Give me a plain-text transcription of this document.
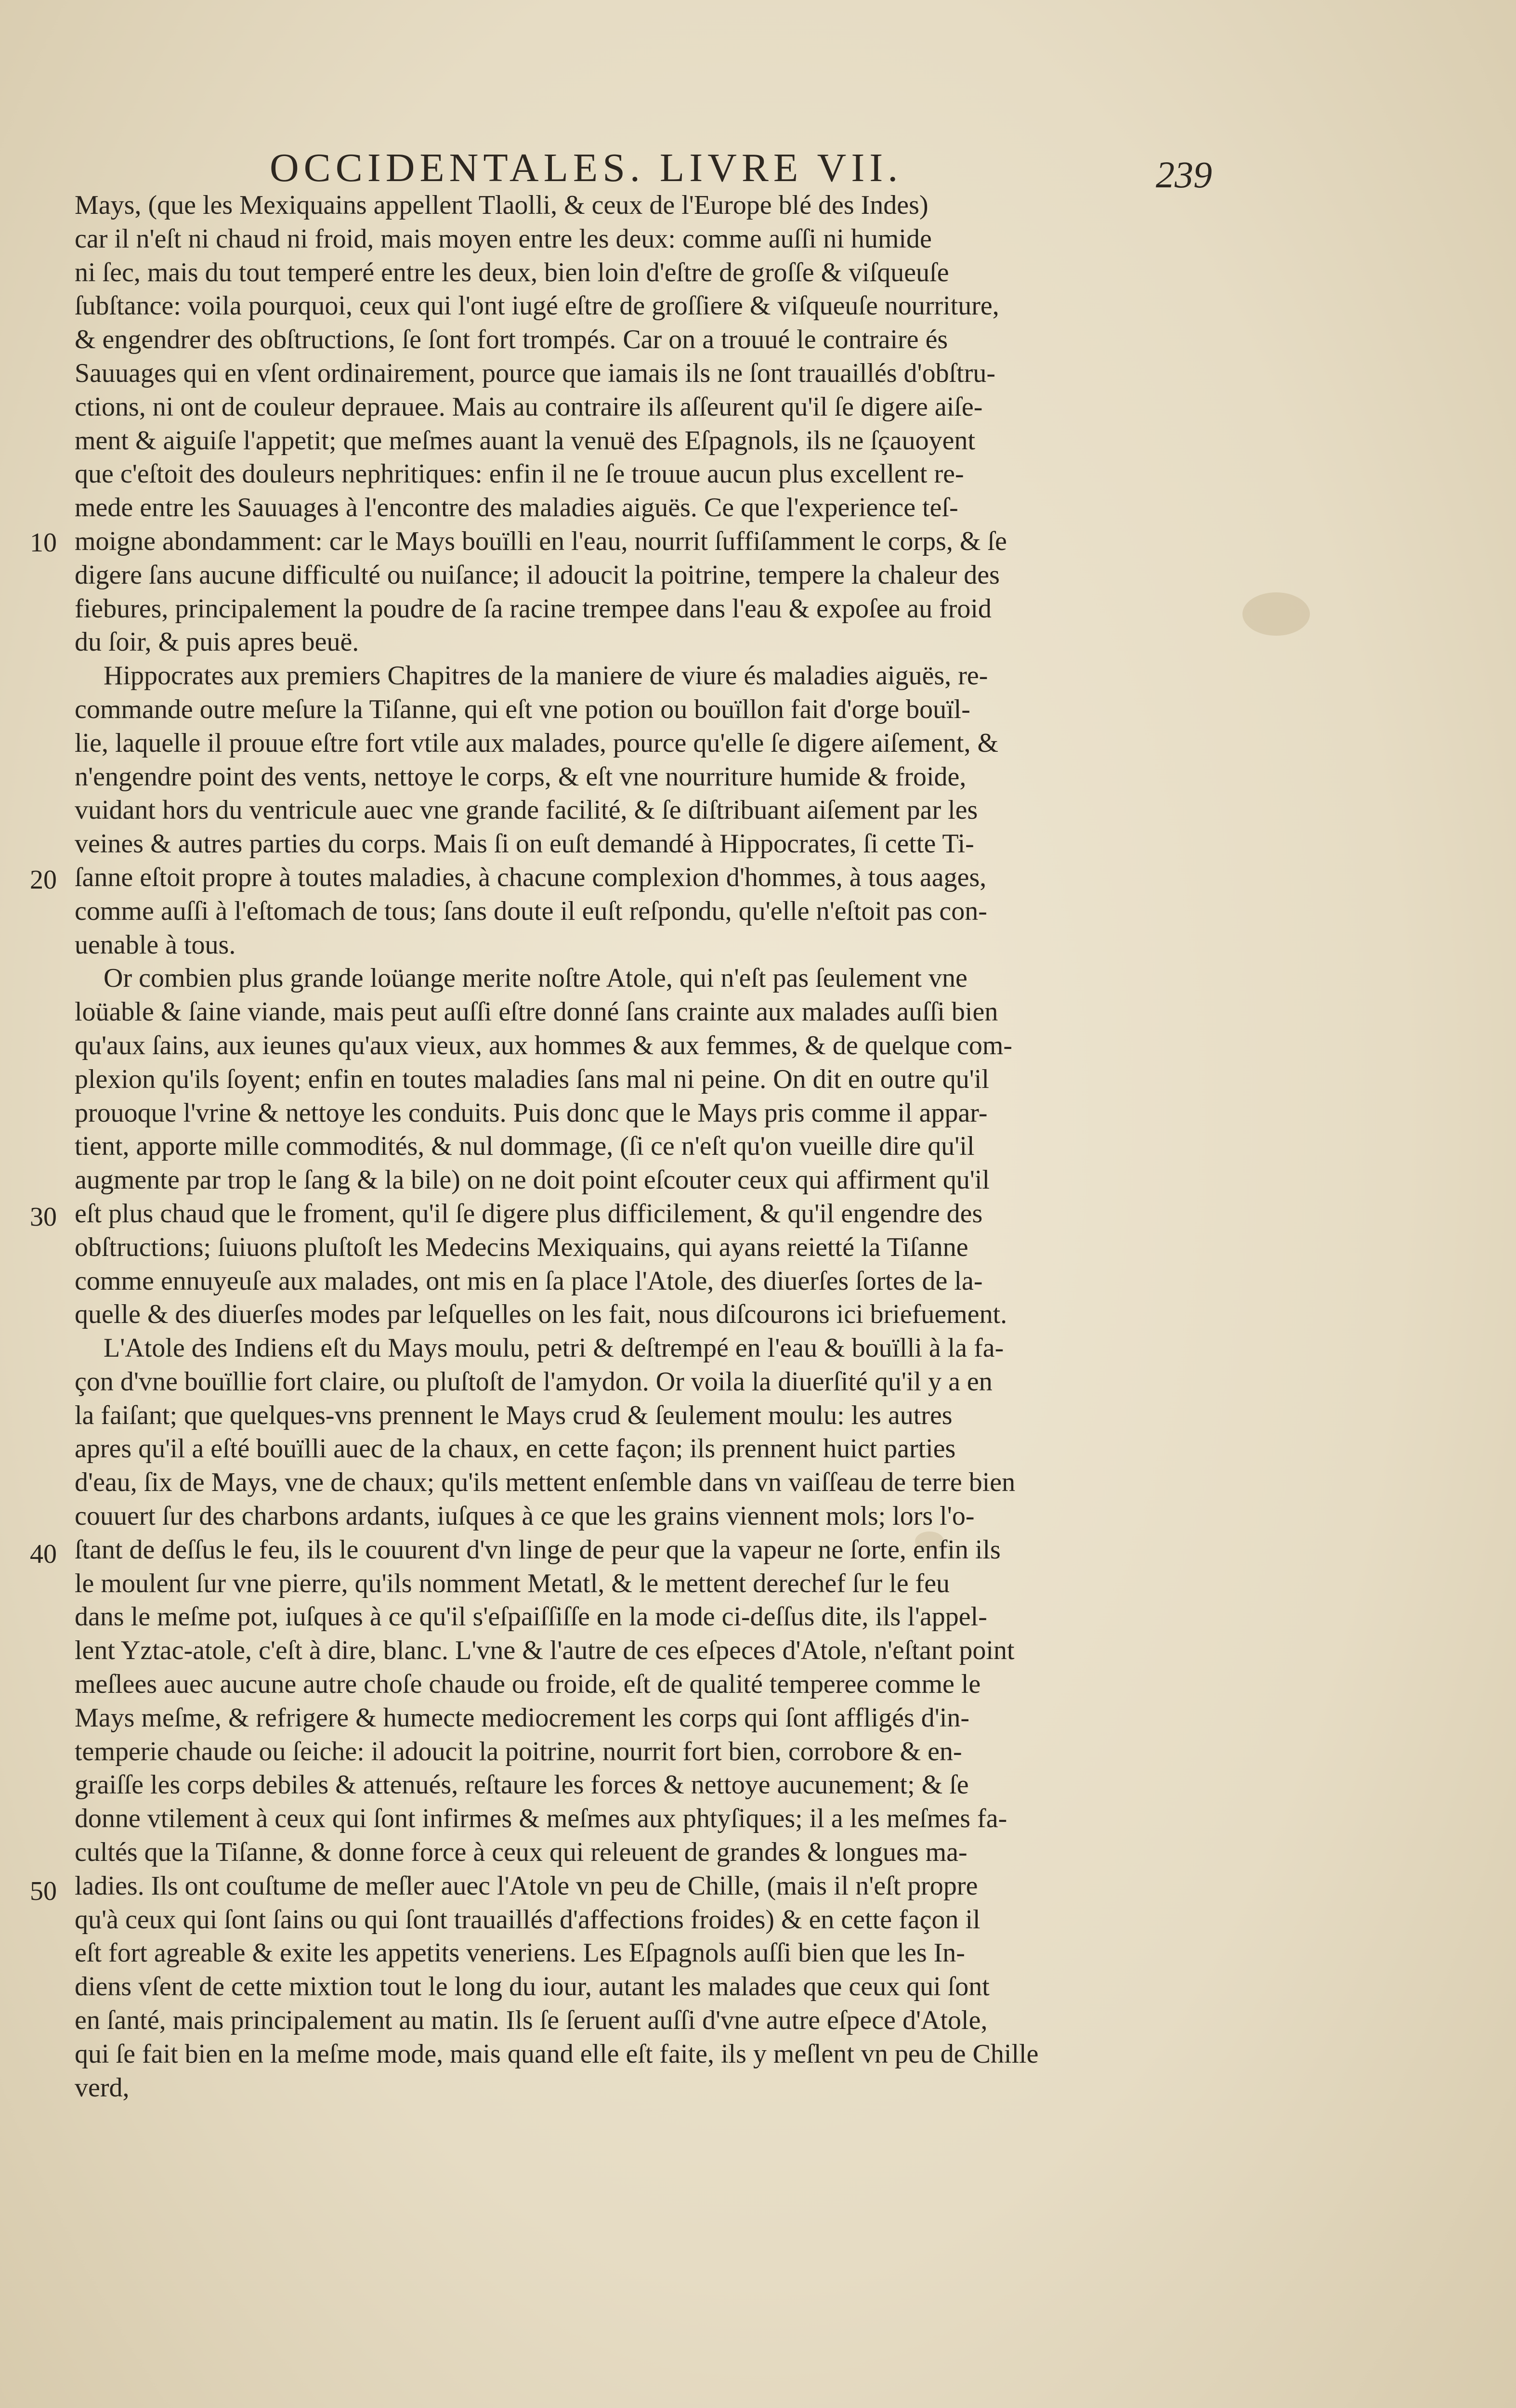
OCCIDENTALES. LIVRE VII.	239
10
20
30
40
50
Mays, (que les Mexiquains appellent Tlaolli, & ceux de l'Europe blé des Indes)
car il n'eſt ni chaud ni froid, mais moyen entre les deux: comme auſſi ni humide
ni ſec, mais du tout temperé entre les deux, bien loin d'eſtre de groſſe & viſqueuſe
ſubſtance: voila pourquoi, ceux qui l'ont iugé eſtre de groſſiere & viſqueuſe nourriture,
& engendrer des obſtructions, ſe ſont fort trompés. Car on a trouué le contraire és
Sauuages qui en vſent ordinairement, pource que iamais ils ne ſont trauaillés d'obſtru-
ctions, ni ont de couleur deprauee. Mais au contraire ils aſſeurent qu'il ſe digere aiſe-
ment & aiguiſe l'appetit; que meſmes auant la venuë des Eſpagnols, ils ne ſçauoyent
que c'eſtoit des douleurs nephritiques: enfin il ne ſe trouue aucun plus excellent re-
mede entre les Sauuages à l'encontre des maladies aiguës. Ce que l'experience teſ-
moigne abondamment: car le Mays bouïlli en l'eau, nourrit ſuffiſamment le corps, & ſe
digere ſans aucune difficulté ou nuiſance; il adoucit la poitrine, tempere la chaleur des
fiebures, principalement la poudre de ſa racine trempee dans l'eau & expoſee au froid
du ſoir, & puis apres beuë.
Hippocrates aux premiers Chapitres de la maniere de viure és maladies aiguës, re-
commande outre meſure la Tiſanne, qui eſt vne potion ou bouïllon fait d'orge bouïl-
lie, laquelle il prouue eſtre fort vtile aux malades, pource qu'elle ſe digere aiſement, &
n'engendre point des vents, nettoye le corps, & eſt vne nourriture humide & froide,
vuidant hors du ventricule auec vne grande facilité, & ſe diſtribuant aiſement par les
veines & autres parties du corps. Mais ſi on euſt demandé à Hippocrates, ſi cette Ti-
ſanne eſtoit propre à toutes maladies, à chacune complexion d'hommes, à tous aages,
comme auſſi à l'eſtomach de tous; ſans doute il euſt reſpondu, qu'elle n'eſtoit pas con-
uenable à tous.
Or combien plus grande loüange merite noſtre Atole, qui n'eſt pas ſeulement vne
loüable & ſaine viande, mais peut auſſi eſtre donné ſans crainte aux malades auſſi bien
qu'aux ſains, aux ieunes qu'aux vieux, aux hommes & aux femmes, & de quelque com-
plexion qu'ils ſoyent; enfin en toutes maladies ſans mal ni peine. On dit en outre qu'il
prouoque l'vrine & nettoye les conduits. Puis donc que le Mays pris comme il appar-
tient, apporte mille commodités, & nul dommage, (ſi ce n'eſt qu'on vueille dire qu'il
augmente par trop le ſang & la bile) on ne doit point eſcouter ceux qui affirment qu'il
eſt plus chaud que le froment, qu'il ſe digere plus difficilement, & qu'il engendre des
obſtructions; ſuiuons pluſtoſt les Medecins Mexiquains, qui ayans reietté la Tiſanne
comme ennuyeuſe aux malades, ont mis en ſa place l'Atole, des diuerſes ſortes de la-
quelle & des diuerſes modes par leſquelles on les fait, nous diſcourons ici briefuement.
L'Atole des Indiens eſt du Mays moulu, petri & deſtrempé en l'eau & bouïlli à la fa-
çon d'vne bouïllie fort claire, ou pluſtoſt de l'amydon. Or voila la diuerſité qu'il y a en
la faiſant; que quelques-vns prennent le Mays crud & ſeulement moulu: les autres
apres qu'il a eſté bouïlli auec de la chaux, en cette façon; ils prennent huict parties
d'eau, ſix de Mays, vne de chaux; qu'ils mettent enſemble dans vn vaiſſeau de terre bien
couuert ſur des charbons ardants, iuſques à ce que les grains viennent mols; lors l'o-
ſtant de deſſus le feu, ils le couurent d'vn linge de peur que la vapeur ne ſorte, enfin ils
le moulent ſur vne pierre, qu'ils nomment Metatl, & le mettent derechef ſur le feu
dans le meſme pot, iuſques à ce qu'il s'eſpaiſſiſſe en la mode ci-deſſus dite, ils l'appel-
lent Yztac-atole, c'eſt à dire, blanc. L'vne & l'autre de ces eſpeces d'Atole, n'eſtant point
meſlees auec aucune autre choſe chaude ou froide, eſt de qualité temperee comme le
Mays meſme, & refrigere & humecte mediocrement les corps qui ſont affligés d'in-
temperie chaude ou ſeiche: il adoucit la poitrine, nourrit fort bien, corrobore & en-
graiſſe les corps debiles & attenués, reſtaure les forces & nettoye aucunement; & ſe
donne vtilement à ceux qui ſont infirmes & meſmes aux phtyſiques; il a les meſmes fa-
cultés que la Tiſanne, & donne force à ceux qui releuent de grandes & longues ma-
ladies. Ils ont couſtume de meſler auec l'Atole vn peu de Chille, (mais il n'eſt propre
qu'à ceux qui ſont ſains ou qui ſont trauaillés d'affections froides) & en cette façon il
eſt fort agreable & exite les appetits veneriens. Les Eſpagnols auſſi bien que les In-
diens vſent de cette mixtion tout le long du iour, autant les malades que ceux qui ſont
en ſanté, mais principalement au matin. Ils ſe ſeruent auſſi d'vne autre eſpece d'Atole,
qui ſe fait bien en la meſme mode, mais quand elle eſt faite, ils y meſlent vn peu de Chille
verd,
